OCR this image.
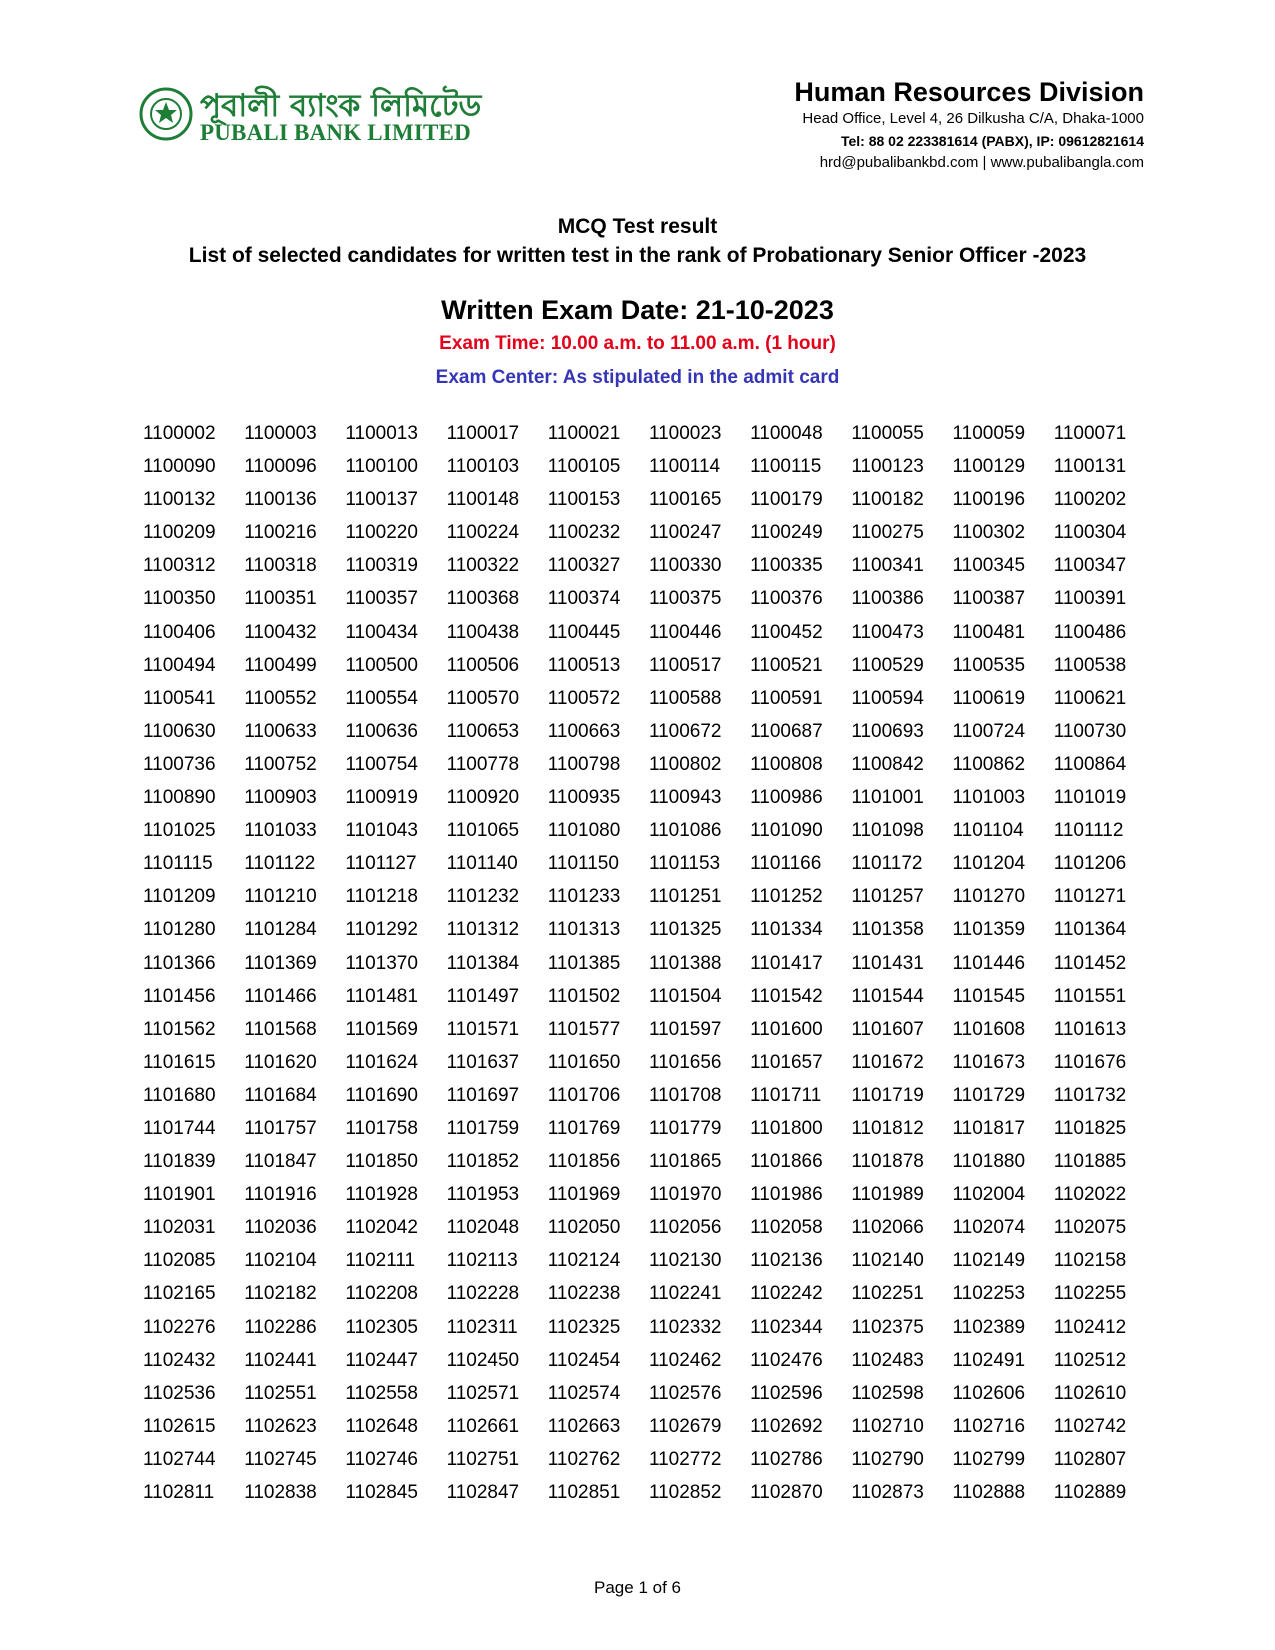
পূবালী ব্যাংক লিমিটেড
PUBALI BANK LIMITED
Human Resources Division
Head Office, Level 4, 26 Dilkusha C/A, Dhaka-1000
Tel: 88 02 223381614 (PABX), IP: 09612821614
hrd@pubalibankbd.com | www.pubalibangla.com
MCQ Test result
List of selected candidates for written test in the rank of Probationary Senior Officer -2023
Written Exam Date: 21-10-2023
Exam Time: 10.00 a.m. to 11.00 a.m. (1 hour)
Exam Center: As stipulated in the admit card
1100002	1100003	1100013	1100017	1100021	1100023	1100048	1100055	1100059	1100071
1100090	1100096	1100100	1100103	1100105	1100114	1100115	1100123	1100129	1100131
1100132	1100136	1100137	1100148	1100153	1100165	1100179	1100182	1100196	1100202
1100209	1100216	1100220	1100224	1100232	1100247	1100249	1100275	1100302	1100304
1100312	1100318	1100319	1100322	1100327	1100330	1100335	1100341	1100345	1100347
1100350	1100351	1100357	1100368	1100374	1100375	1100376	1100386	1100387	1100391
1100406	1100432	1100434	1100438	1100445	1100446	1100452	1100473	1100481	1100486
1100494	1100499	1100500	1100506	1100513	1100517	1100521	1100529	1100535	1100538
1100541	1100552	1100554	1100570	1100572	1100588	1100591	1100594	1100619	1100621
1100630	1100633	1100636	1100653	1100663	1100672	1100687	1100693	1100724	1100730
1100736	1100752	1100754	1100778	1100798	1100802	1100808	1100842	1100862	1100864
1100890	1100903	1100919	1100920	1100935	1100943	1100986	1101001	1101003	1101019
1101025	1101033	1101043	1101065	1101080	1101086	1101090	1101098	1101104	1101112
1101115	1101122	1101127	1101140	1101150	1101153	1101166	1101172	1101204	1101206
1101209	1101210	1101218	1101232	1101233	1101251	1101252	1101257	1101270	1101271
1101280	1101284	1101292	1101312	1101313	1101325	1101334	1101358	1101359	1101364
1101366	1101369	1101370	1101384	1101385	1101388	1101417	1101431	1101446	1101452
1101456	1101466	1101481	1101497	1101502	1101504	1101542	1101544	1101545	1101551
1101562	1101568	1101569	1101571	1101577	1101597	1101600	1101607	1101608	1101613
1101615	1101620	1101624	1101637	1101650	1101656	1101657	1101672	1101673	1101676
1101680	1101684	1101690	1101697	1101706	1101708	1101711	1101719	1101729	1101732
1101744	1101757	1101758	1101759	1101769	1101779	1101800	1101812	1101817	1101825
1101839	1101847	1101850	1101852	1101856	1101865	1101866	1101878	1101880	1101885
1101901	1101916	1101928	1101953	1101969	1101970	1101986	1101989	1102004	1102022
1102031	1102036	1102042	1102048	1102050	1102056	1102058	1102066	1102074	1102075
1102085	1102104	1102111	1102113	1102124	1102130	1102136	1102140	1102149	1102158
1102165	1102182	1102208	1102228	1102238	1102241	1102242	1102251	1102253	1102255
1102276	1102286	1102305	1102311	1102325	1102332	1102344	1102375	1102389	1102412
1102432	1102441	1102447	1102450	1102454	1102462	1102476	1102483	1102491	1102512
1102536	1102551	1102558	1102571	1102574	1102576	1102596	1102598	1102606	1102610
1102615	1102623	1102648	1102661	1102663	1102679	1102692	1102710	1102716	1102742
1102744	1102745	1102746	1102751	1102762	1102772	1102786	1102790	1102799	1102807
1102811	1102838	1102845	1102847	1102851	1102852	1102870	1102873	1102888	1102889
Page 1 of 6
